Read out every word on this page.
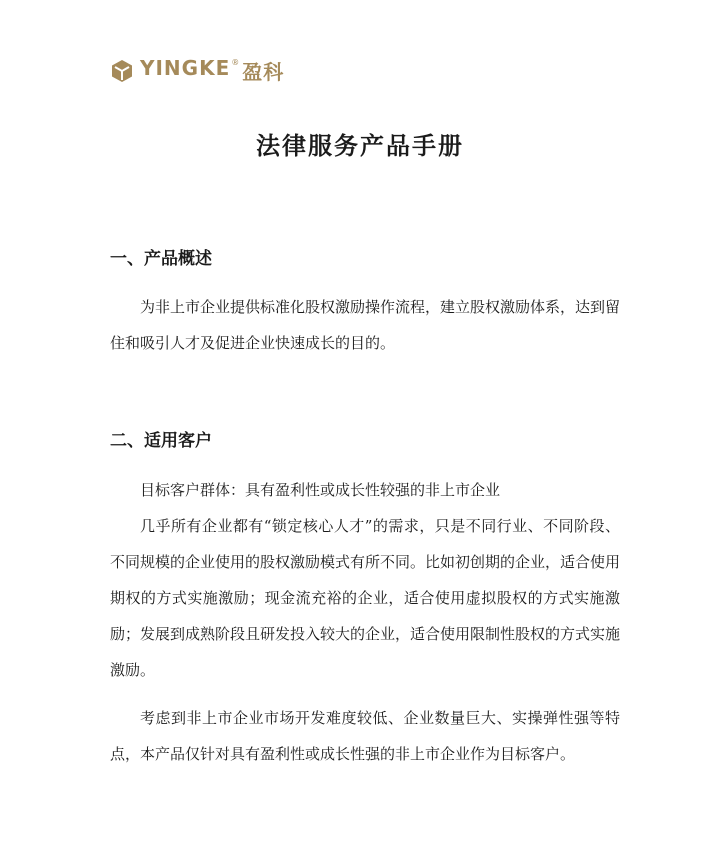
YINGKE ® 盈科
法律服务产品手册
一、产品概述

为非上市企业提供标准化股权激励操作流程，建立股权激励体系，达到留住和吸引人才及促进企业快速成长的目的。

二、适用客户

目标客户群体：具有盈利性或成长性较强的非上市企业

几乎所有企业都有“锁定核心人才”的需求，只是不同行业、不同阶段、不同规模的企业使用的股权激励模式有所不同。比如初创期的企业，适合使用期权的方式实施激励；现金流充裕的企业，适合使用虚拟股权的方式实施激励；发展到成熟阶段且研发投入较大的企业，适合使用限制性股权的方式实施激励。

考虑到非上市企业市场开发难度较低、企业数量巨大、实操弹性强等特点，本产品仅针对具有盈利性或成长性强的非上市企业作为目标客户。
